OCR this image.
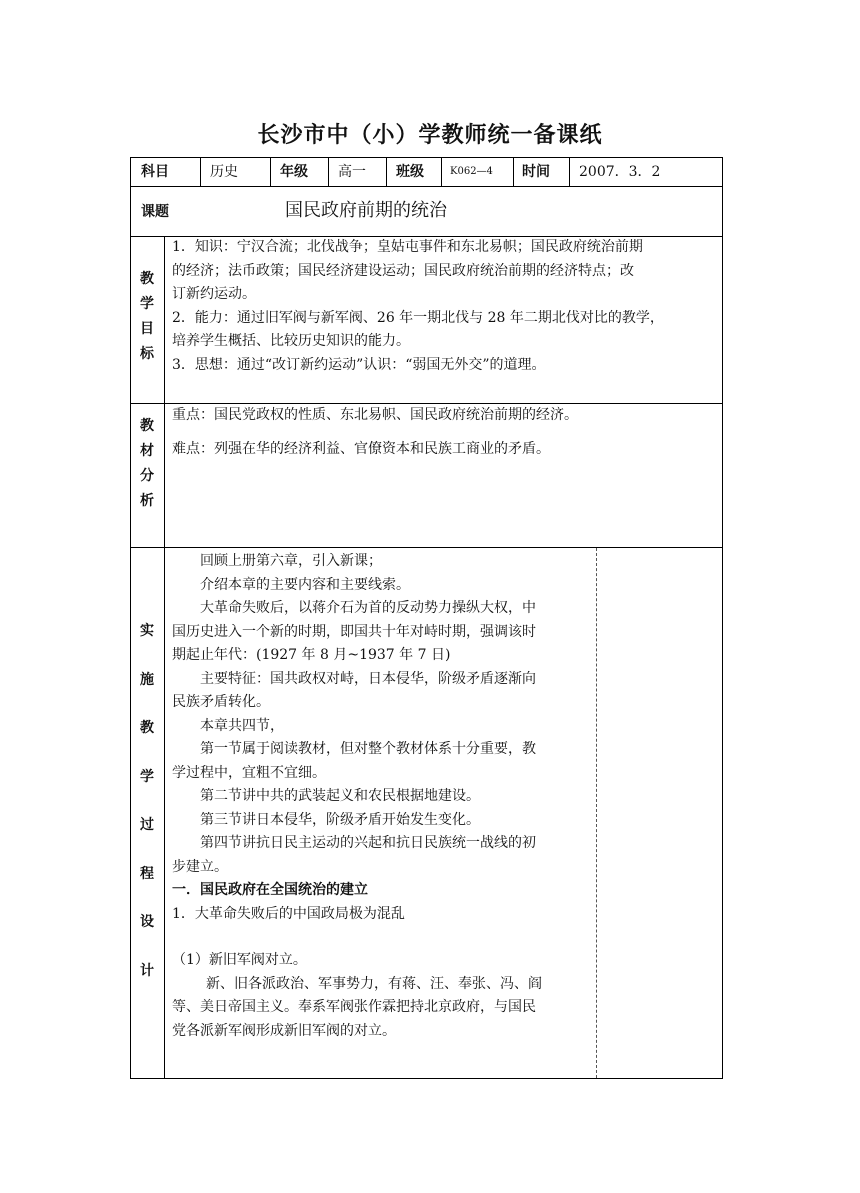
长沙市中（小）学教师统一备课纸
科目	历史	年级 高一 班级	K062—4 时间 2007．3．2
课题	国民政府前期的统治
教
学
目
标

1．知识：宁汉合流；北伐战争；皇姑屯事件和东北易帜；国民政府统治前期

的经济；法币政策；国民经济建设运动；国民政府统治前期的经济特点；改

订新约运动。

2．能力：通过旧军阀与新军阀、26 年一期北伐与 28 年二期北伐对比的教学，

培养学生概括、比较历史知识的能力。

3．思想：通过“改订新约运动”认识：“弱国无外交”的道理。

教
材
分
析

重点：国民党政权的性质、东北易帜、国民政府统治前期的经济。

难点：列强在华的经济利益、官僚资本和民族工商业的矛盾。

实
施
教
学
过
程
设
计

回顾上册第六章，引入新课；

介绍本章的主要内容和主要线索。

大革命失败后，以蒋介石为首的反动势力操纵大权，中

国历史进入一个新的时期，即国共十年对峙时期，强调该时

期起止年代：(1927 年 8 月~1937 年 7 日)

主要特征：国共政权对峙，日本侵华，阶级矛盾逐渐向

民族矛盾转化。

本章共四节，

第一节属于阅读教材，但对整个教材体系十分重要，教

学过程中，宜粗不宜细。

第二节讲中共的武装起义和农民根据地建设。

第三节讲日本侵华，阶级矛盾开始发生变化。

第四节讲抗日民主运动的兴起和抗日民族统一战线的初

步建立。

一．国民政府在全国统治的建立

1．大革命失败后的中国政局极为混乱

（1）新旧军阀对立。

新、旧各派政治、军事势力，有蒋、汪、奉张、冯、阎

等、美日帝国主义。奉系军阀张作霖把持北京政府，与国民

党各派新军阀形成新旧军阀的对立。
